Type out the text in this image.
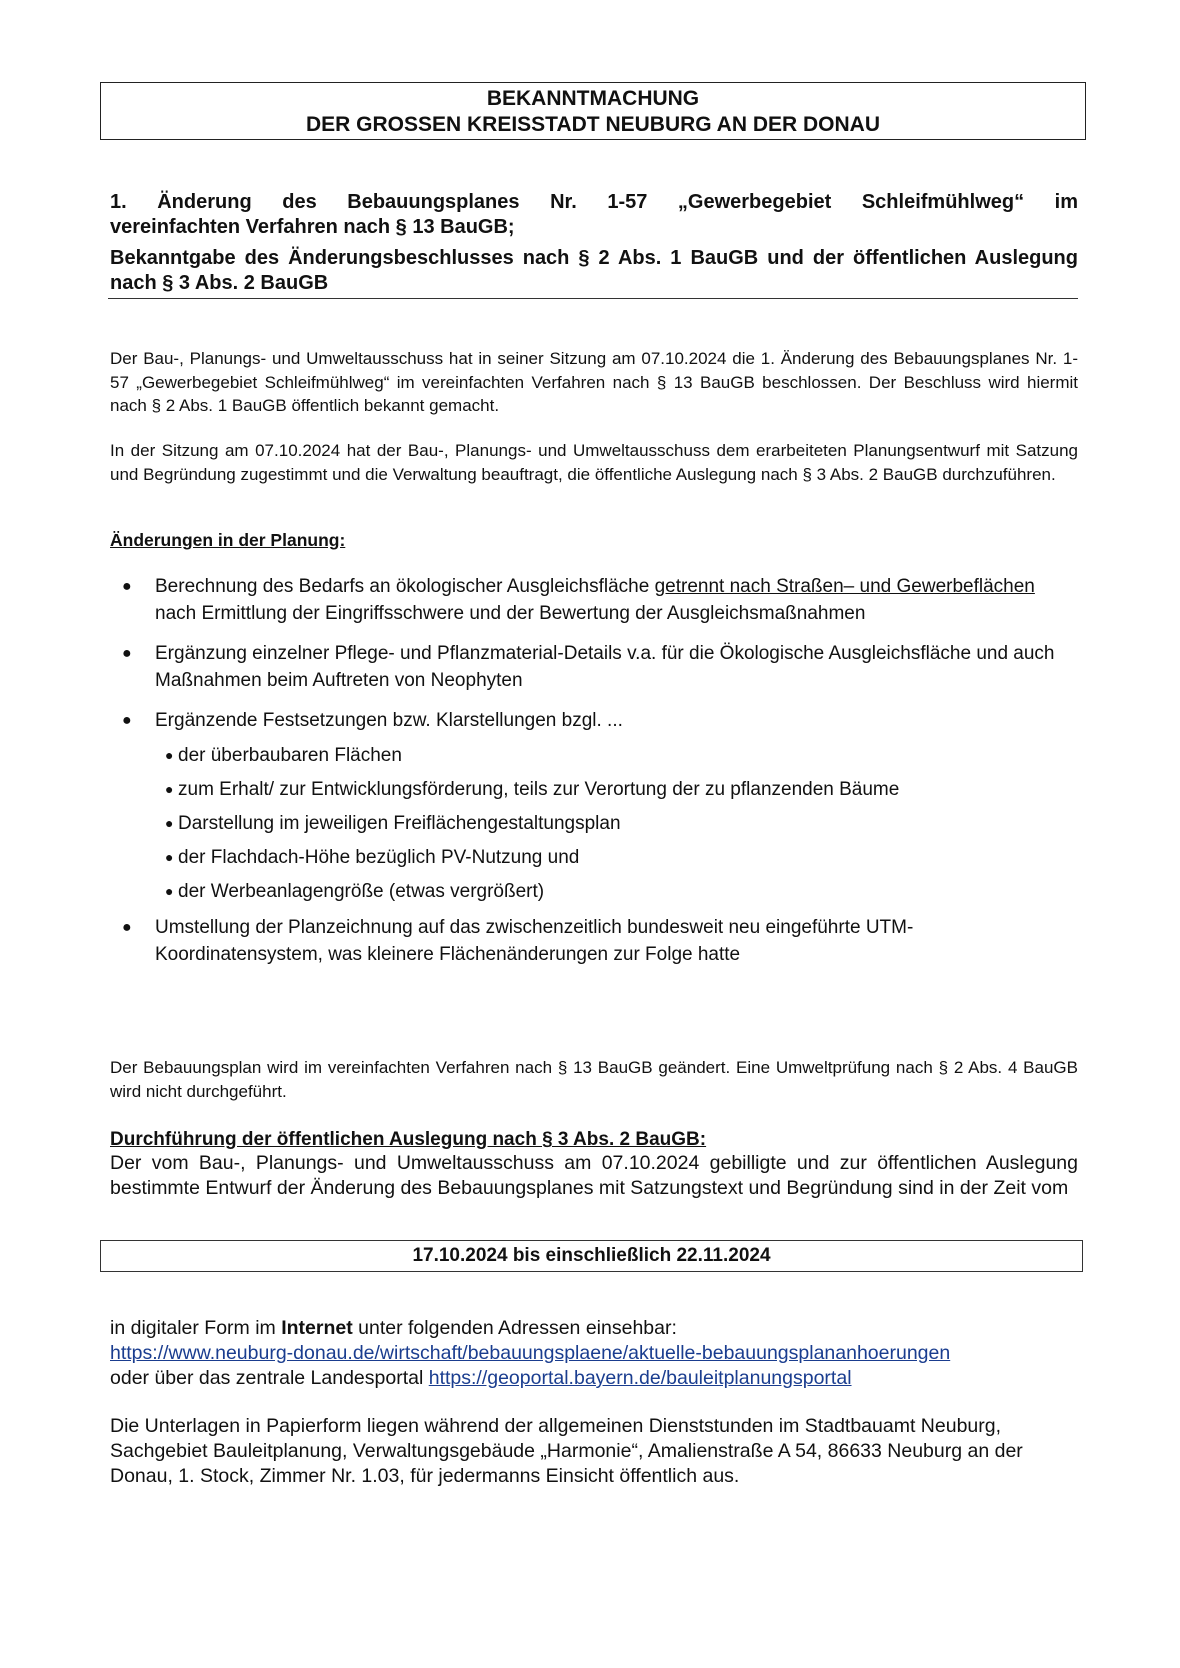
BEKANNTMACHUNG
DER GROSSEN KREISSTADT NEUBURG AN DER DONAU

1. Änderung des Bebauungsplanes Nr. 1-57 „Gewerbegebiet Schleifmühlweg“ im

vereinfachten Verfahren nach § 13 BauGB;

Bekanntgabe des Änderungsbeschlusses nach § 2 Abs. 1 BauGB und der öffentlichen Auslegung nach § 3 Abs. 2 BauGB

Der Bau-, Planungs- und Umweltausschuss hat in seiner Sitzung am 07.10.2024 die 1. Änderung des Bebauungsplanes Nr. 1-57 „Gewerbegebiet Schleifmühlweg“ im vereinfachten Verfahren nach § 13 BauGB beschlossen. Der Beschluss wird hiermit nach § 2 Abs. 1 BauGB öffentlich bekannt gemacht.

In der Sitzung am 07.10.2024 hat der Bau-, Planungs- und Umweltausschuss dem erarbeiteten Planungsentwurf mit Satzung und Begründung zugestimmt und die Verwaltung beauftragt, die öffentliche Auslegung nach § 3 Abs. 2 BauGB durchzuführen.

Änderungen in der Planung:
● Berechnung des Bedarfs an ökologischer Ausgleichsfläche getrennt nach Straßen– und Gewerbeflächen nach Ermittlung der Eingriffsschwere und der Bewertung der Ausgleichsmaßnahmen
● Ergänzung einzelner Pflege- und Pflanzmaterial-Details v.a. für die Ökologische Ausgleichsfläche und auch Maßnahmen beim Auftreten von Neophyten
● Ergänzende Festsetzungen bzw. Klarstellungen bzgl. ...
● der überbaubaren Flächen
● zum Erhalt/ zur Entwicklungsförderung, teils zur Verortung der zu pflanzenden Bäume
● Darstellung im jeweiligen Freiflächengestaltungsplan
● der Flachdach-Höhe bezüglich PV-Nutzung und
● der Werbeanlagengröße (etwas vergrößert)
● Umstellung der Planzeichnung auf das zwischenzeitlich bundesweit neu eingeführte UTM-Koordinatensystem, was kleinere Flächenänderungen zur Folge hatte

Der Bebauungsplan wird im vereinfachten Verfahren nach § 13 BauGB geändert. Eine Umweltprüfung nach § 2 Abs. 4 BauGB wird nicht durchgeführt.

Durchführung der öffentlichen Auslegung nach § 3 Abs. 2 BauGB:

Der vom Bau-, Planungs- und Umweltausschuss am 07.10.2024 gebilligte und zur öffentlichen Auslegung bestimmte Entwurf der Änderung des Bebauungsplanes mit Satzungstext und Begründung sind in der Zeit vom

17.10.2024 bis einschließlich 22.11.2024

in digitaler Form im Internet unter folgenden Adressen einsehbar:
https://www.neuburg-donau.de/wirtschaft/bebauungsplaene/aktuelle-bebauungsplananhoerungen
oder über das zentrale Landesportal https://geoportal.bayern.de/bauleitplanungsportal

Die Unterlagen in Papierform liegen während der allgemeinen Dienststunden im Stadtbauamt Neuburg, Sachgebiet Bauleitplanung, Verwaltungsgebäude „Harmonie“, Amalienstraße A 54, 86633 Neuburg an der Donau, 1. Stock, Zimmer Nr. 1.03, für jedermanns Einsicht öffentlich aus.
